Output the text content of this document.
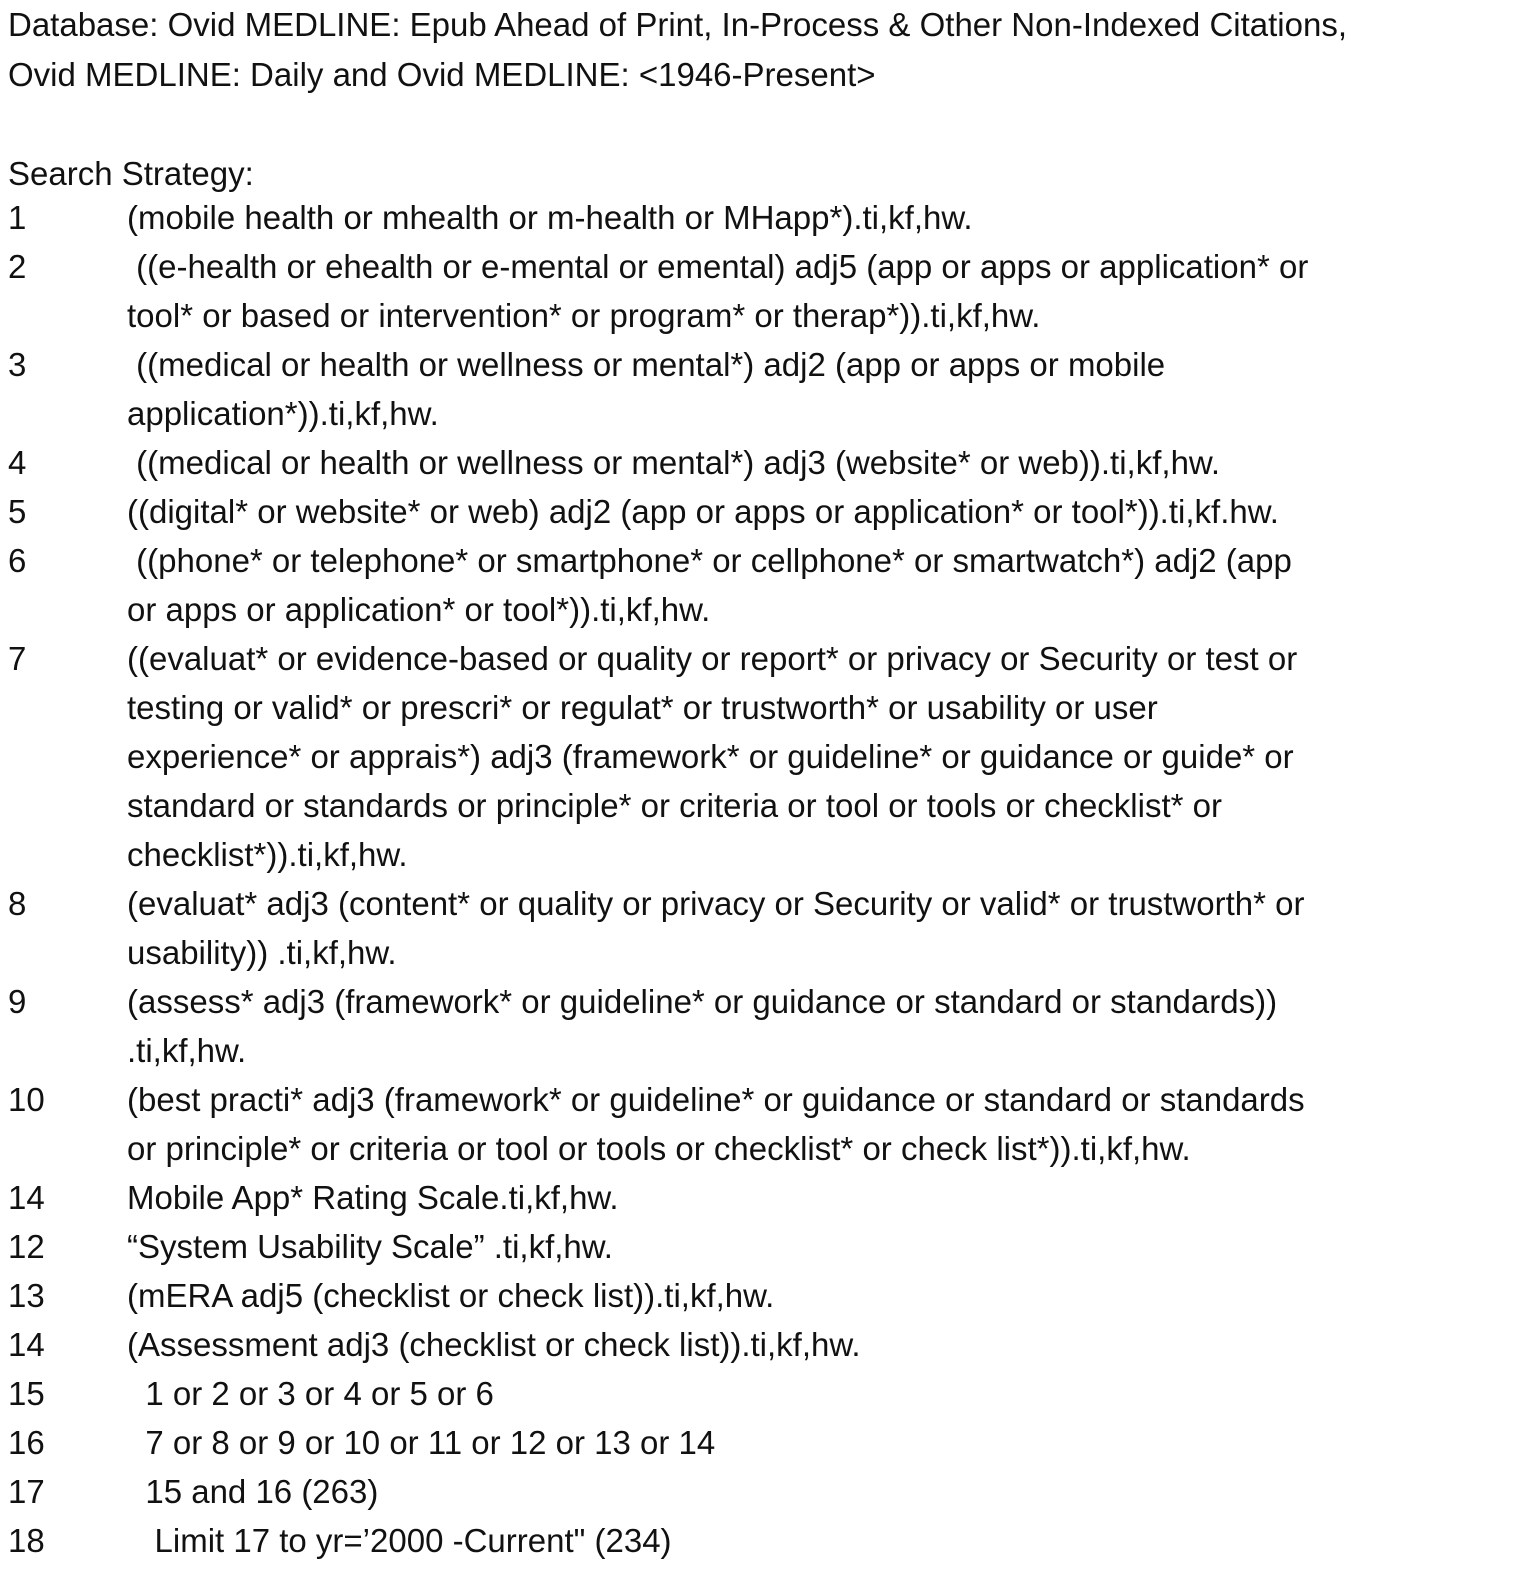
Database: Ovid MEDLINE: Epub Ahead of Print, In-Process & Other Non-Indexed Citations,
Ovid MEDLINE: Daily and Ovid MEDLINE: <1946-Present>
Search Strategy:
1	(mobile health or mhealth or m-health or MHapp*).ti,kf,hw.
2	((e-health or ehealth or e-mental or emental) adj5 (app or apps or application* or
tool* or based or intervention* or program* or therap*)).ti,kf,hw.
3	((medical or health or wellness or mental*) adj2 (app or apps or mobile
application*)).ti,kf,hw.
4	((medical or health or wellness or mental*) adj3 (website* or web)).ti,kf,hw.
5	((digital* or website* or web) adj2 (app or apps or application* or tool*)).ti,kf.hw.
6	((phone* or telephone* or smartphone* or cellphone* or smartwatch*) adj2 (app
or apps or application* or tool*)).ti,kf,hw.
7	((evaluat* or evidence-based or quality or report* or privacy or Security or test or
testing or valid* or prescri* or regulat* or trustworth* or usability or user
experience* or apprais*) adj3 (framework* or guideline* or guidance or guide* or
standard or standards or principle* or criteria or tool or tools or checklist* or
checklist*)).ti,kf,hw.
8	(evaluat* adj3 (content* or quality or privacy or Security or valid* or trustworth* or
usability)) .ti,kf,hw.
9	(assess* adj3 (framework* or guideline* or guidance or standard or standards))
.ti,kf,hw.
10	(best practi* adj3 (framework* or guideline* or guidance or standard or standards
or principle* or criteria or tool or tools or checklist* or check list*)).ti,kf,hw.
14	Mobile App* Rating Scale.ti,kf,hw.
12	“System Usability Scale” .ti,kf,hw.
13	(mERA adj5 (checklist or check list)).ti,kf,hw.
14	(Assessment adj3 (checklist or check list)).ti,kf,hw.
15	1 or 2 or 3 or 4 or 5 or 6
16	7 or 8 or 9 or 10 or 11 or 12 or 13 or 14
17	15 and 16 (263)
18	Limit 17 to yr=’2000 -Current" (234)
